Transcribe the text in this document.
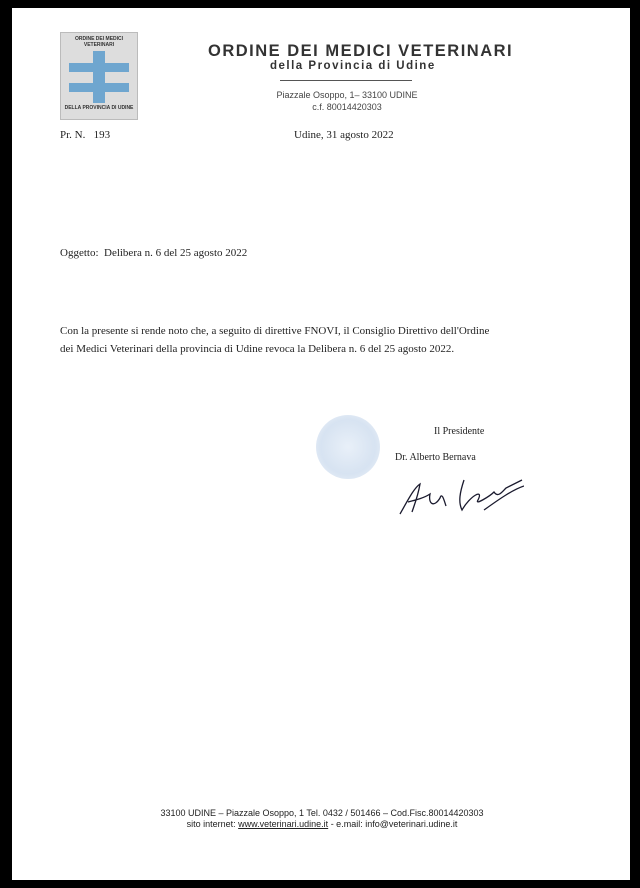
ORDINE DEI MEDICI VETERINARI
DELLA PROVINCIA DI UDINE
ORDINE DEI MEDICI VETERINARI
della Provincia di Udine
Piazzale Osoppo, 1– 33100 UDINE
c.f. 80014420303
Pr. N.   193	Udine, 31 agosto 2022
Oggetto:  Delibera n. 6 del 25 agosto 2022
Con la presente si rende noto che, a seguito di direttive FNOVI, il Consiglio Direttivo dell'Ordine
dei Medici Veterinari della provincia di Udine revoca la Delibera n. 6 del 25 agosto 2022.
Il Presidente
Dr. Alberto Bernava
33100 UDINE – Piazzale Osoppo, 1 Tel. 0432 / 501466 – Cod.Fisc.80014420303
sito internet: www.veterinari.udine.it - e.mail: info@veterinari.udine.it
